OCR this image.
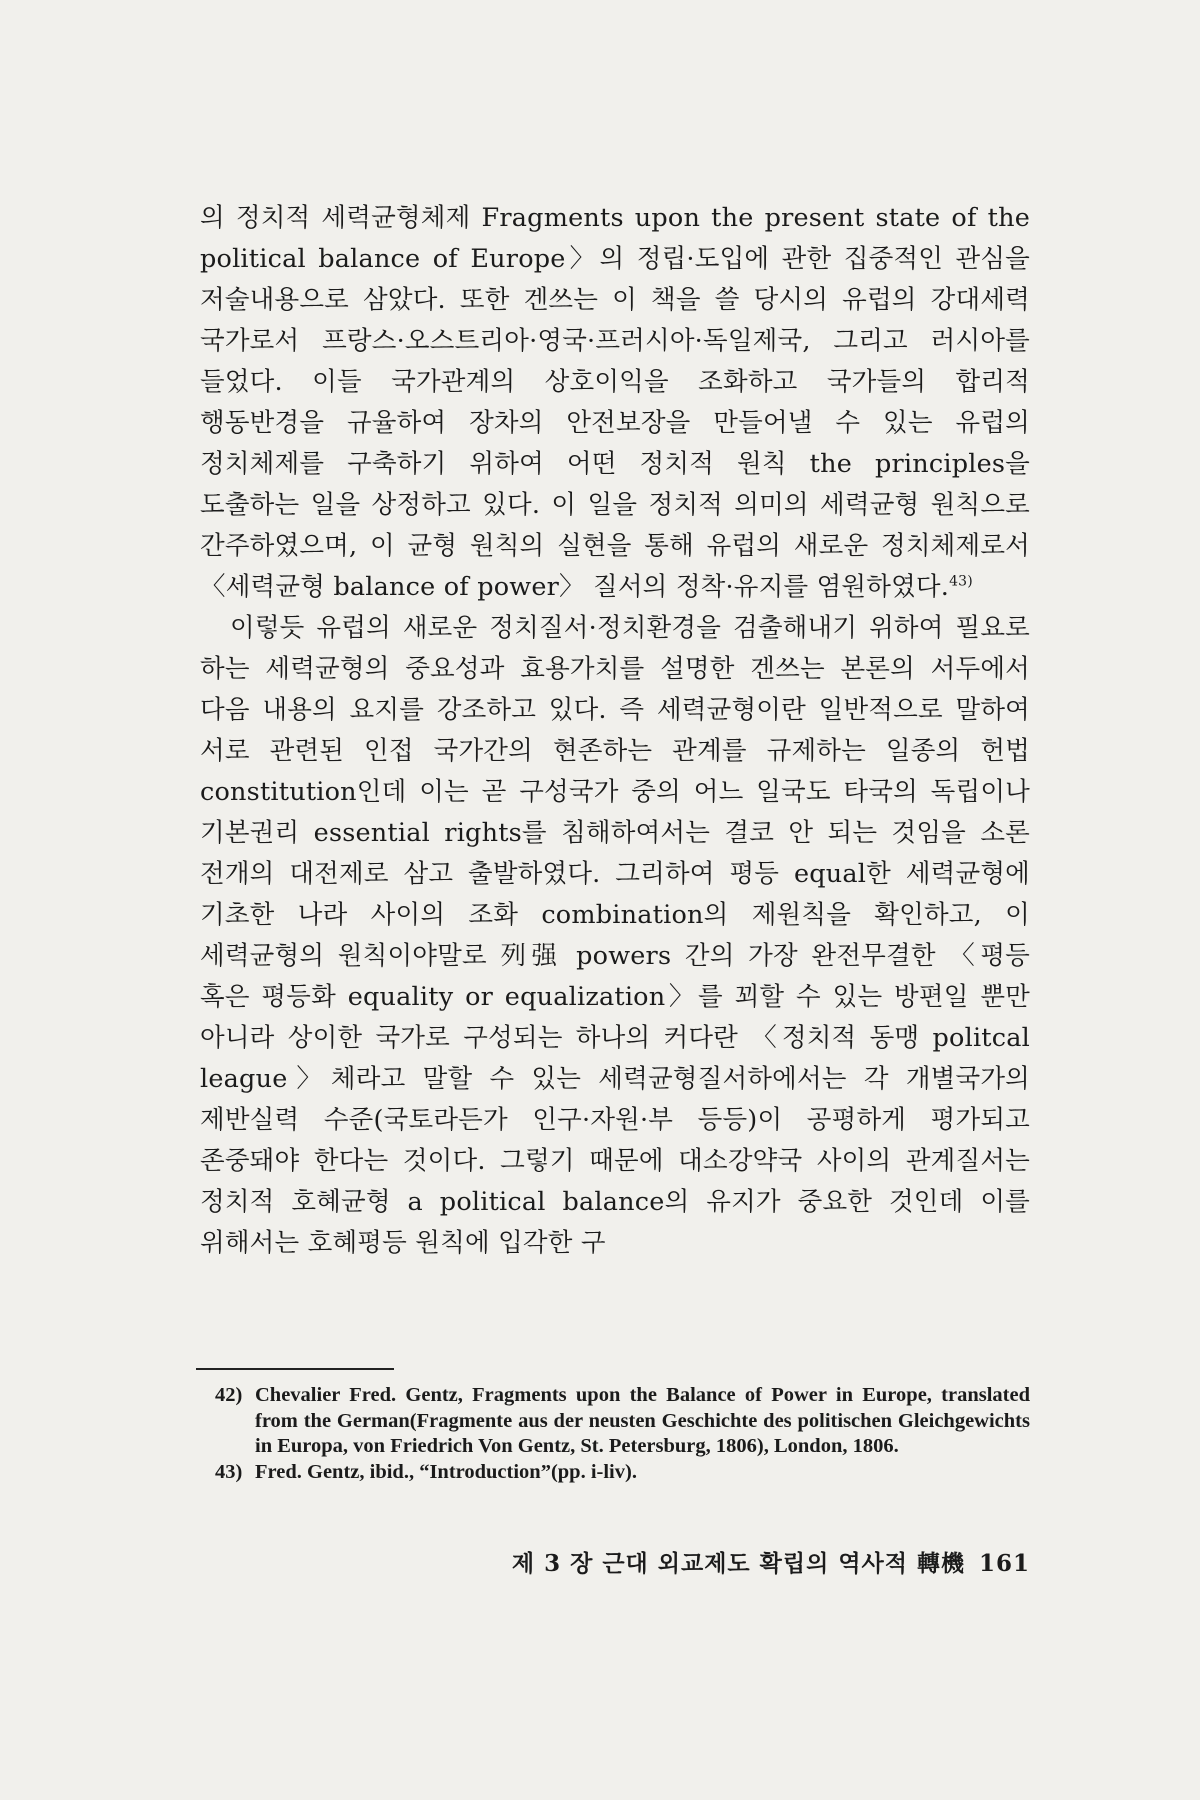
의 정치적 세력균형체제 Fragments upon the present state of the political balance of Europe〉의 정립·도입에 관한 집중적인 관심을 저술내용으로 삼았다. 또한 겐쓰는 이 책을 쓸 당시의 유럽의 강대세력 국가로서 프랑스·오스트리아·영국·프러시아·독일제국, 그리고 러시아를 들었다. 이들 국가관계의 상호이익을 조화하고 국가들의 합리적 행동반경을 규율하여 장차의 안전보장을 만들어낼 수 있는 유럽의 정치체제를 구축하기 위하여 어떤 정치적 원칙 the principles을 도출하는 일을 상정하고 있다. 이 일을 정치적 의미의 세력균형 원칙으로 간주하였으며, 이 균형 원칙의 실현을 통해 유럽의 새로운 정치체제로서 〈세력균형 balance of power〉 질서의 정착·유지를 염원하였다.$^{43)}$

이렇듯 유럽의 새로운 정치질서·정치환경을 검출해내기 위하여 필요로 하는 세력균형의 중요성과 효용가치를 설명한 겐쓰는 본론의 서두에서 다음 내용의 요지를 강조하고 있다. 즉 세력균형이란 일반적으로 말하여 서로 관련된 인접 국가간의 현존하는 관계를 규제하는 일종의 헌법 constitution인데 이는 곧 구성국가 중의 어느 일국도 타국의 독립이나 기본권리 essential rights를 침해하여서는 결코 안 되는 것임을 소론 전개의 대전제로 삼고 출발하였다. 그리하여 평등 equal한 세력균형에 기초한 나라 사이의 조화 combination의 제원칙을 확인하고, 이 세력균형의 원칙이야말로 列强 powers 간의 가장 완전무결한 〈평등 혹은 평등화 equality or equalization〉를 꾀할 수 있는 방편일 뿐만 아니라 상이한 국가로 구성되는 하나의 커다란 〈정치적 동맹 politcal league〉체라고 말할 수 있는 세력균형질서하에서는 각 개별국가의 제반실력 수준(국토라든가 인구·자원·부 등등)이 공평하게 평가되고 존중돼야 한다는 것이다. 그렇기 때문에 대소강약국 사이의 관계질서는 정치적 호혜균형 a political balance의 유지가 중요한 것인데 이를 위해서는 호혜평등 원칙에 입각한 구

42) Chevalier Fred. Gentz, Fragments upon the Balance of Power in Europe, translated from the German(Fragmente aus der neusten Geschichte des politischen Gleichgewichts in Europa, von Friedrich Von Gentz, St. Petersburg, 1806), London, 1806.
43) Fred. Gentz, ibid., “Introduction”(pp. i-liv).
제 3 장 근대 외교제도 확립의 역사적 轉機 161
